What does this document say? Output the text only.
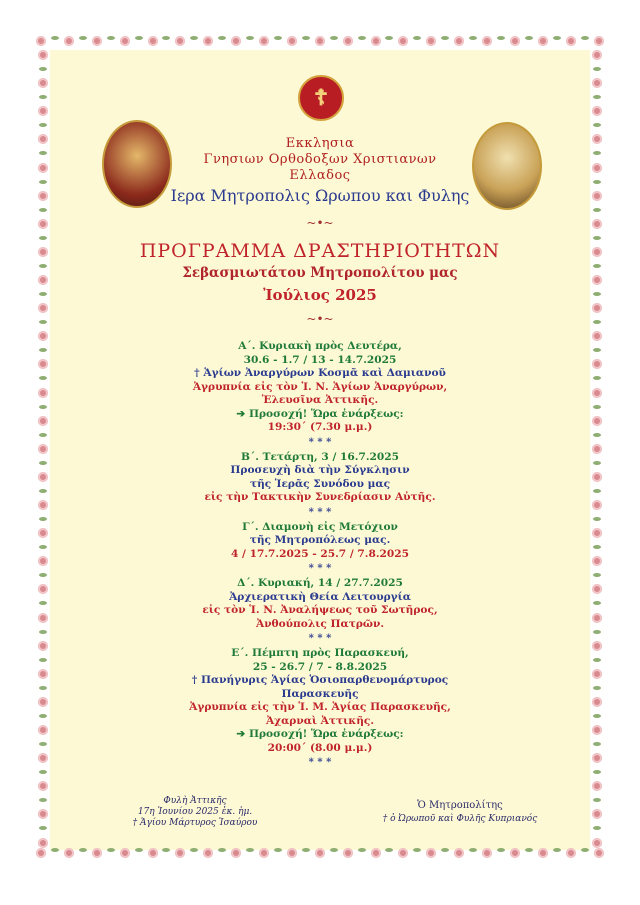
☦
Εκκλησια
Γνησιων Ορθοδοξων Χριστιανων
Ελλαδος
Ιερα Μητροπολις Ωρωπου και Φυλης
~•~
ΠΡΟΓΡΑΜΜΑ ΔΡΑΣΤΗΡΙΟΤΗΤΩΝ
Σεβασμιωτάτου Μητροπολίτου μας
Ἰούλιος 2025
~•~
Α΄. Κυριακὴ πρὸς Δευτέρα,
30.6 - 1.7 / 13 - 14.7.2025
† Ἁγίων Ἀναργύρων Κοσμᾶ καὶ Δαμιανοῦ
Ἀγρυπνία εἰς τὸν Ἱ. Ν. Ἁγίων Ἀναργύρων,
Ἐλευσῖνα Ἀττικῆς.
➔ Προσοχή! Ὥρα ἐνάρξεως:
19:30΄ (7.30 μ.μ.)
* * *
Β΄. Τετάρτη, 3 / 16.7.2025
Προσευχὴ διὰ τὴν Σύγκλησιν
τῆς Ἱερᾶς Συνόδου μας
εἰς τὴν Τακτικὴν Συνεδρίασιν Αὐτῆς.
* * *
Γ΄. Διαμονὴ εἰς Μετόχιον
τῆς Μητροπόλεως μας.
4 / 17.7.2025 - 25.7 / 7.8.2025
* * *
Δ΄. Κυριακή, 14 / 27.7.2025
Ἀρχιερατικὴ Θεία Λειτουργία
εἰς τὸν Ἱ. Ν. Ἀναλήψεως τοῦ Σωτῆρος,
Ἀνθούπολις Πατρῶν.
* * *
Ε΄. Πέμπτη πρὸς Παρασκευή,
25 - 26.7 / 7 - 8.8.2025
† Πανήγυρις Ἁγίας Ὁσιοπαρθενομάρτυρος
Παρασκευῆς
Ἀγρυπνία εἰς τὴν Ἱ. Μ. Ἁγίας Παρασκευῆς,
Ἀχαρναὶ Ἀττικῆς.
➔ Προσοχή! Ὥρα ἐνάρξεως:
20:00΄ (8.00 μ.μ.)
* * *
Φυλὴ Ἀττικῆς
17η Ἰουνίου 2025 ἐκ. ἡμ.
† Ἁγίου Μάρτυρος Ἰσαύρου
Ὁ Μητροπολίτης
† ὁ Ὠρωποῦ καὶ Φυλῆς Κυπριανός
